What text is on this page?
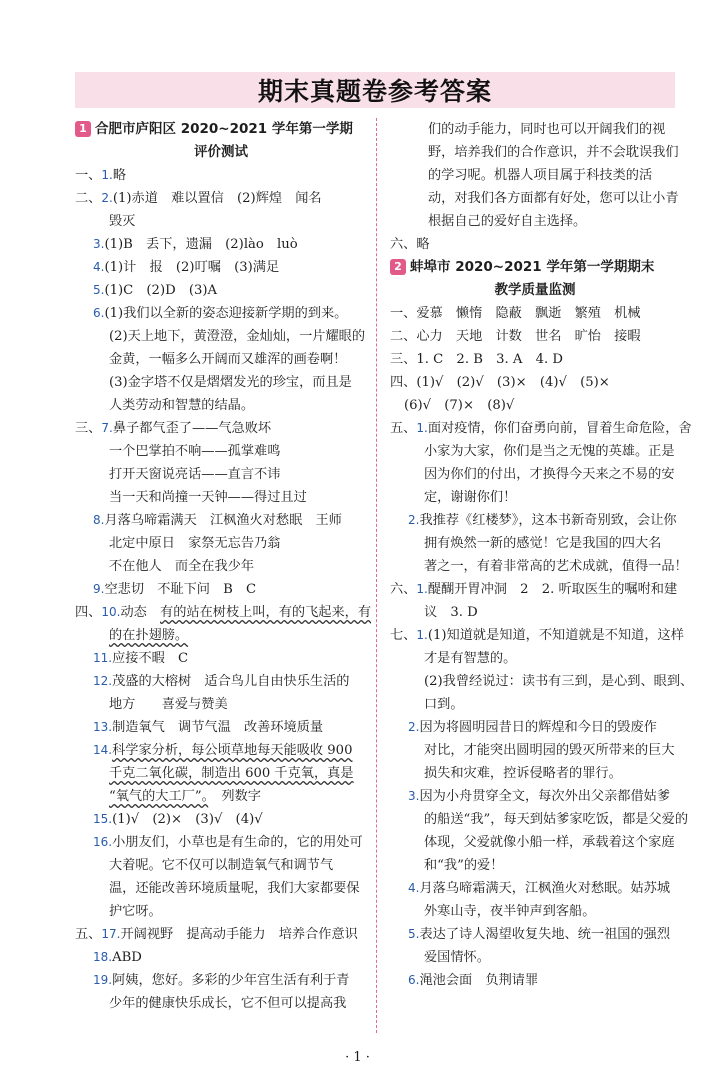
期末真题卷参考答案
1 合肥市庐阳区 2020~2021 学年第一学期
评价测试
一、1.略
二、2.(1)赤道　难以置信　(2)辉煌　闻名
毁灭
3.(1)B　丢下，遗漏　(2)làо　luò
4.(1)计　报　(2)叮嘱　(3)满足
5.(1)C　(2)D　(3)A
6.(1)我们以全新的姿态迎接新学期的到来。
(2)天上地下，黄澄澄，金灿灿，一片耀眼的
金黄，一幅多么开阔而又雄浑的画卷啊！
(3)金字塔不仅是熠熠发光的珍宝，而且是
人类劳动和智慧的结晶。
三、7.鼻子都气歪了——气急败坏
一个巴掌拍不响——孤掌难鸣
打开天窗说亮话——直言不讳
当一天和尚撞一天钟——得过且过
8.月落乌啼霜满天　江枫渔火对愁眠　王师
北定中原日　家祭无忘告乃翁
不在他人　而全在我少年
9.空悲切　不耻下问　B　C
四、10.动态　有的站在树枝上叫，有的飞起来，有
的在扑翅膀。
11.应接不暇　C
12.茂盛的大榕树　适合鸟儿自由快乐生活的
地方　　喜爱与赞美
13.制造氧气　调节气温　改善环境质量
14.科学家分析，每公顷草地每天能吸收 900
千克二氧化碳，制造出 600 千克氧，真是
“氧气的大工厂”。　列数字
15.(1)√　(2)×　(3)√　(4)√
16.小朋友们，小草也是有生命的，它的用处可
大着呢。它不仅可以制造氧气和调节气
温，还能改善环境质量呢，我们大家都要保
护它呀。
五、17.开阔视野　提高动手能力　培养合作意识
18.ABD
19.阿姨，您好。多彩的少年宫生活有利于青
少年的健康快乐成长，它不但可以提高我
们的动手能力，同时也可以开阔我们的视
野，培养我们的合作意识，并不会耽误我们
的学习呢。机器人项目属于科技类的活
动，对我们各方面都有好处，您可以让小青
根据自己的爱好自主选择。
六、略
2 蚌埠市 2020~2021 学年第一学期期末
教学质量监测
一、爱慕　懒惰　隐蔽　飘逝　繁殖　机械
二、心力　天地　计数　世名　旷怡　接暇
三、1. C　2. B　3. A　4. D
四、(1)√　(2)√　(3)×　(4)√　(5)×
(6)√　(7)×　(8)√
五、1.面对疫情，你们奋勇向前，冒着生命危险，舍
小家为大家，你们是当之无愧的英雄。正是
因为你们的付出，才换得今天来之不易的安
定，谢谢你们！
2.我推荐《红楼梦》，这本书新奇别致，会让你
拥有焕然一新的感觉！它是我国的四大名
著之一，有着非常高的艺术成就，值得一品！
六、1.醍醐开胃冲洞　2　2. 听取医生的嘱咐和建
议　3. D
七、1.(1)知道就是知道，不知道就是不知道，这样
才是有智慧的。
(2)我曾经说过：读书有三到，是心到、眼到、
口到。
2.因为将圆明园昔日的辉煌和今日的毁废作
对比，才能突出圆明园的毁灭所带来的巨大
损失和灾难，控诉侵略者的罪行。
3.因为小舟贯穿全文，每次外出父亲都借姑爹
的船送“我”，每天到姑爹家吃饭，都是父爱的
体现，父爱就像小船一样，承载着这个家庭
和“我”的爱！
4.月落乌啼霜满天，江枫渔火对愁眠。姑苏城
外寒山寺，夜半钟声到客船。
5.表达了诗人渴望收复失地、统一祖国的强烈
爱国情怀。
6.渑池会面　负荆请罪
· 1 ·
